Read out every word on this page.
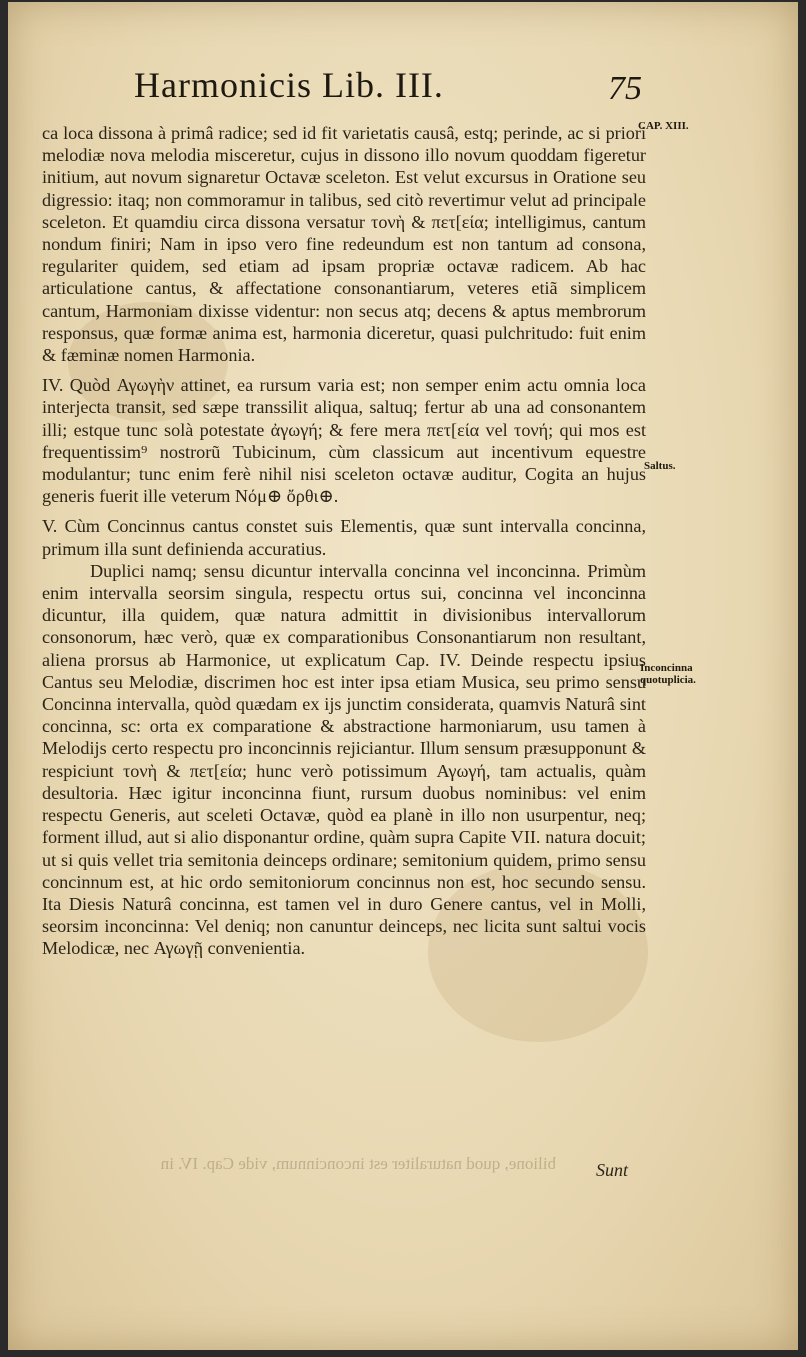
Harmonicis Lib. III.	75
CAP. XIII.
Saltus.
Inconcinna quotuplicia.

ca loca dissona à primâ radice; sed id fit varietatis causâ, estq; perinde, ac si priori melodiæ nova melodia misceretur, cujus in dissono illo novum quoddam figeretur initium, aut novum signaretur Octavæ sceleton. Est velut excursus in Oratione seu digressio: itaq; non commoramur in talibus, sed citò revertimur velut ad principale sceleton. Et quamdiu circa dissona versatur τονὴ & πετ[εία; intelligimus, cantum nondum finiri; Nam in ipso vero fine redeundum est non tantum ad consona, regulariter quidem, sed etiam ad ipsam propriæ octavæ radicem. Ab hac articulatione cantus, & affectatione consonantiarum, veteres etiã simplicem cantum, Harmoniam dixisse videntur: non secus atq; decens & aptus membrorum responsus, quæ formæ anima est, harmonia diceretur, quasi pulchritudo: fuit enim & fæminæ nomen Harmonia.

IV. Quòd Αγωγὴν attinet, ea rursum varia est; non semper enim actu omnia loca interjecta transit, sed sæpe transsilit aliqua, saltuq; fertur ab una ad consonantem illi; estque tunc solà potestate ἀγωγή; & fere mera πετ[εία vel τονή; qui mos est frequentissim⁹ nostrorũ Tubicinum, cùm classicum aut incentivum equestre modulantur; tunc enim ferè nihil nisi sceleton octavæ auditur, Cogita an hujus generis fuerit ille veterum Νόμ⊕ ὄρθι⊕.

V. Cùm Concinnus cantus constet suis Elementis, quæ sunt intervalla concinna, primum illa sunt definienda accuratius.

Duplici namq; sensu dicuntur intervalla concinna vel inconcinna. Primùm enim intervalla seorsim singula, respectu ortus sui, concinna vel inconcinna dicuntur, illa quidem, quæ natura admittit in divisionibus intervallorum consonorum, hæc verò, quæ ex comparationibus Consonantiarum non resultant, aliena prorsus ab Harmonice, ut explicatum Cap. IV. Deinde respectu ipsius Cantus seu Melodiæ, discrimen hoc est inter ipsa etiam Musica, seu primo sensu Concinna intervalla, quòd quædam ex ijs junctim considerata, quamvis Naturâ sint concinna, sc: orta ex comparatione & abstractione harmoniarum, usu tamen à Melodijs certo respectu pro inconcinnis rejiciantur. Illum sensum præsupponunt & respiciunt τονὴ & πετ[εία; hunc verò potissimum Αγωγή, tam actualis, quàm desultoria. Hæc igitur inconcinna fiunt, rursum duobus nominibus: vel enim respectu Generis, aut sceleti Octavæ, quòd ea planè in illo non usurpentur, neq; forment illud, aut si alio disponantur ordine, quàm supra Capite VII. natura docuit; ut si quis vellet tria semitonia deinceps ordinare; semitonium quidem, primo sensu concinnum est, at hic ordo semitoniorum concinnus non est, hoc secundo sensu. Ita Diesis Naturâ concinna, est tamen vel in duro Genere cantus, vel in Molli, seorsim inconcinna: Vel deniq; non canuntur deinceps, nec licita sunt saltui vocis Melodicæ, nec Αγωγῇ convenientia.

bilione, quod naturaliter est inconcinnum, vide Cap. IV. in Sunt
